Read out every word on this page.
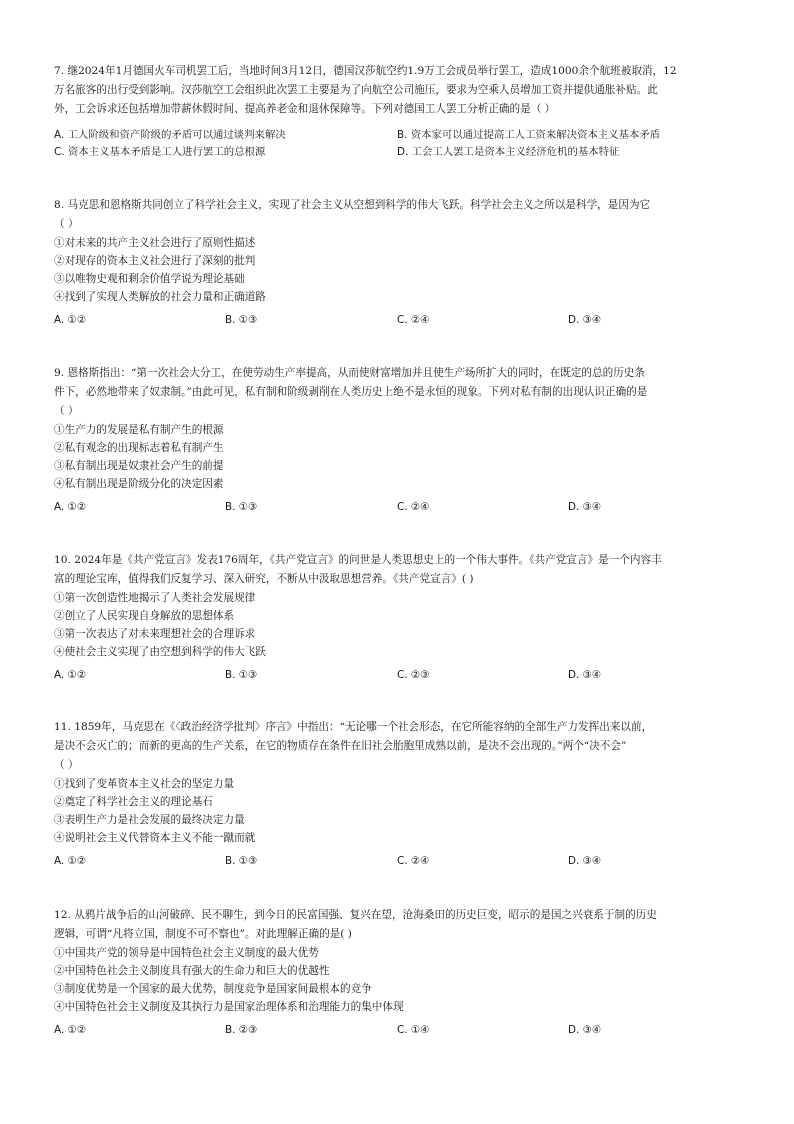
7. 继2024年1月德国火车司机罢工后，当地时间3月12日，德国汉莎航空约1.9万工会成员举行罢工，造成1000余个航班被取消，12

万名旅客的出行受到影响。汉莎航空工会组织此次罢工主要是为了向航空公司施压，要求为空乘人员增加工资并提供通胀补贴。此

外，工会诉求还包括增加带薪休假时间、提高养老金和退休保障等。下列对德国工人罢工分析正确的是（ ）

A. 工人阶级和资产阶级的矛盾可以通过谈判来解决	B. 资本家可以通过提高工人工资来解决资本主义基本矛盾
C. 资本主义基本矛盾是工人进行罢工的总根源	D. 工会工人罢工是资本主义经济危机的基本特征

8. 马克思和恩格斯共同创立了科学社会主义，实现了社会主义从空想到科学的伟大飞跃。科学社会主义之所以是科学，是因为它

（ ）

①对未来的共产主义社会进行了原则性描述

②对现存的资本主义社会进行了深刻的批判

③以唯物史观和剩余价值学说为理论基础

④找到了实现人类解放的社会力量和正确道路

A. ①②	B. ①③	C. ②④	D. ③④

9. 恩格斯指出：“第一次社会大分工，在使劳动生产率提高，从而使财富增加并且使生产场所扩大的同时，在既定的总的历史条

件下，必然地带来了奴隶制。”由此可见，私有制和阶级剥削在人类历史上绝不是永恒的现象。下列对私有制的出现认识正确的是

（ ）

①生产力的发展是私有制产生的根源

②私有观念的出现标志着私有制产生

③私有制出现是奴隶社会产生的前提

④私有制出现是阶级分化的决定因素

A. ①②	B. ①③	C. ②④	D. ③④

10. 2024年是《共产党宣言》发表176周年，《共产党宣言》的问世是人类思想史上的一个伟大事件。《共产党宣言》是一个内容丰

富的理论宝库，值得我们反复学习、深入研究，不断从中汲取思想营养。《共产党宣言》( )

①第一次创造性地揭示了人类社会发展规律

②创立了人民实现自身解放的思想体系

③第一次表达了对未来理想社会的合理诉求

④使社会主义实现了由空想到科学的伟大飞跃

A. ①②	B. ①③	C. ②③	D. ③④

11. 1859年，马克思在《〈政治经济学批判〉序言》中指出：“无论哪一个社会形态，在它所能容纳的全部生产力发挥出来以前，

是决不会灭亡的；而新的更高的生产关系，在它的物质存在条件在旧社会胎胞里成熟以前，是决不会出现的。”两个“决不会”

（ ）

①找到了变革资本主义社会的坚定力量

②奠定了科学社会主义的理论基石

③表明生产力是社会发展的最终决定力量

④说明社会主义代替资本主义不能一蹴而就

A. ①②	B. ①③	C. ②④	D. ③④

12. 从鸦片战争后的山河破碎、民不聊生，到今日的民富国强、复兴在望，沧海桑田的历史巨变，昭示的是国之兴衰系于制的历史

逻辑，可谓“凡将立国，制度不可不察也”。对此理解正确的是( )

①中国共产党的领导是中国特色社会主义制度的最大优势

②中国特色社会主义制度具有强大的生命力和巨大的优越性

③制度优势是一个国家的最大优势，制度竞争是国家间最根本的竞争

④中国特色社会主义制度及其执行力是国家治理体系和治理能力的集中体现

A. ①②	B. ②③	C. ①④	D. ③④
